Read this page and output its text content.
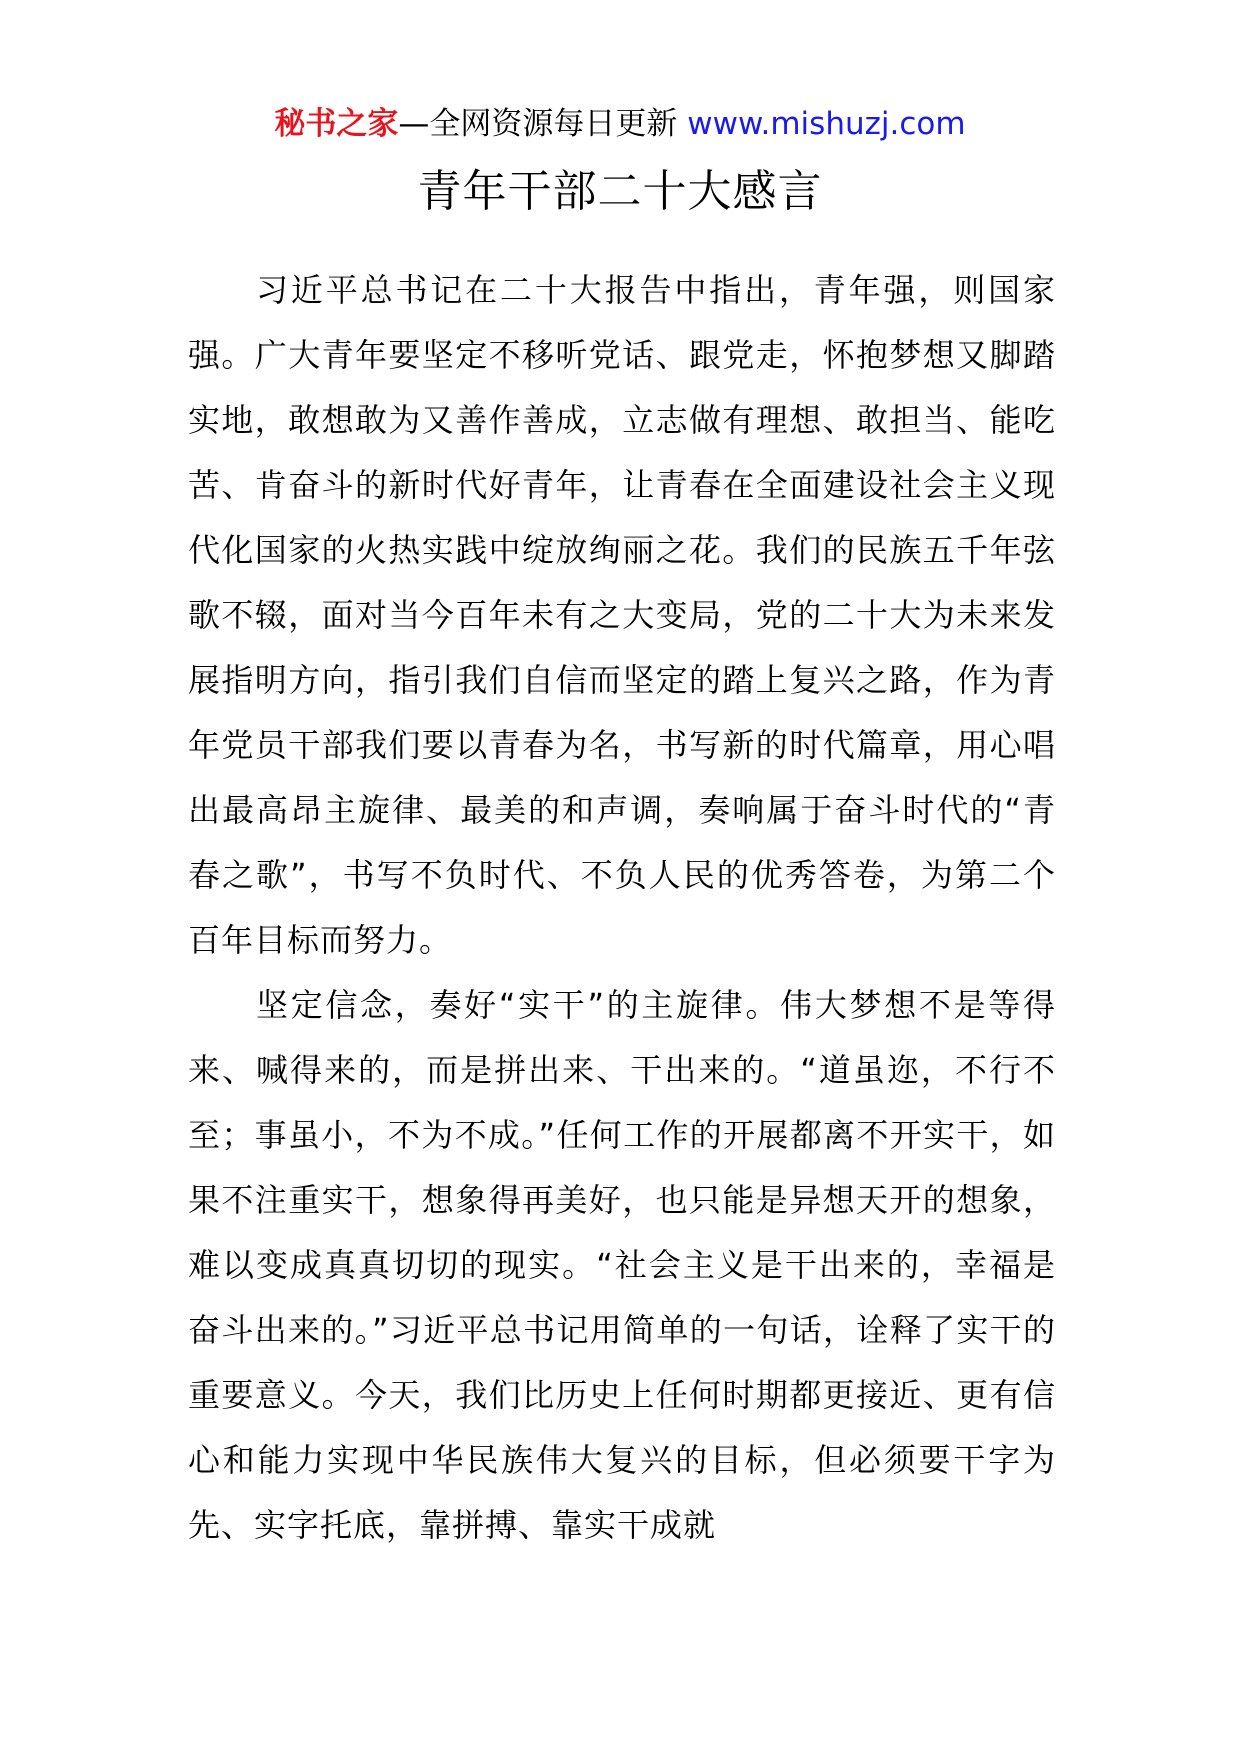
秘书之家—全网资源每日更新 www.mishuzj.com
青年干部二十大感言

习近平总书记在二十大报告中指出，青年强，则国家强。广大青年要坚定不移听党话、跟党走，怀抱梦想又脚踏实地，敢想敢为又善作善成，立志做有理想、敢担当、能吃苦、肯奋斗的新时代好青年，让青春在全面建设社会主义现代化国家的火热实践中绽放绚丽之花。我们的民族五千年弦歌不辍，面对当今百年未有之大变局，党的二十大为未来发展指明方向，指引我们自信而坚定的踏上复兴之路，作为青年党员干部我们要以青春为名，书写新的时代篇章，用心唱出最高昂主旋律、最美的和声调，奏响属于奋斗时代的“青春之歌”，书写不负时代、不负人民的优秀答卷，为第二个百年目标而努力。

坚定信念，奏好“实干”的主旋律。伟大梦想不是等得来、喊得来的，而是拼出来、干出来的。“道虽迩，不行不至；事虽小，不为不成。”任何工作的开展都离不开实干，如果不注重实干，想象得再美好，也只能是异想天开的想象，难以变成真真切切的现实。“社会主义是干出来的，幸福是奋斗出来的。”习近平总书记用简单的一句话，诠释了实干的重要意义。今天，我们比历史上任何时期都更接近、更有信心和能力实现中华民族伟大复兴的目标，但必须要干字为先、实字托底，靠拼搏、靠实干成就
